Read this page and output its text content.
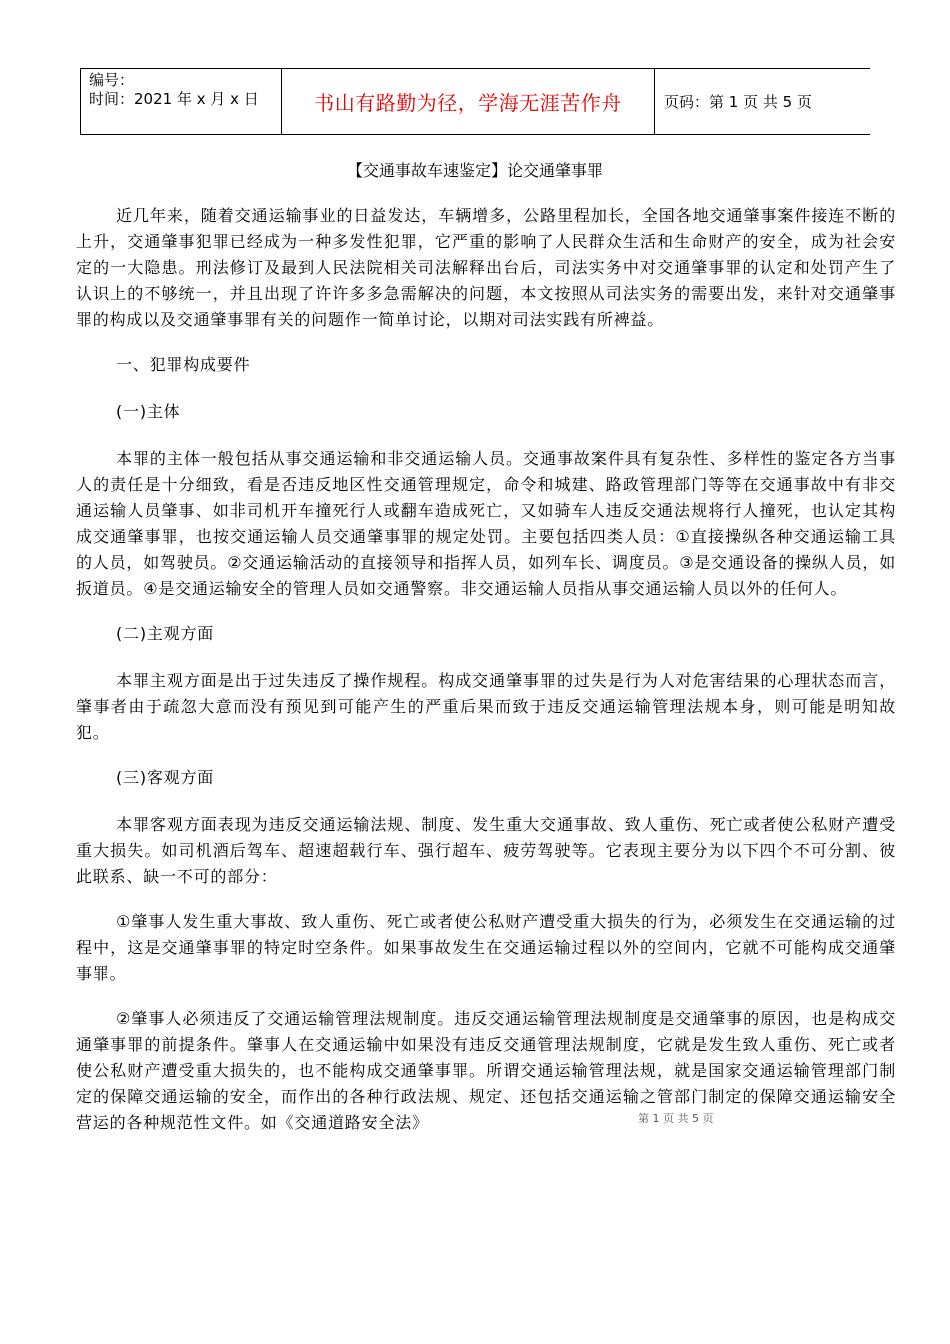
编号：
时间：2021 年 x 月 x 日	书山有路勤为径，学海无涯苦作舟	页码：第 1 页 共 5 页
【交通事故车速鉴定】论交通肇事罪

近几年来，随着交通运输事业的日益发达，车辆增多，公路里程加长，全国各地交通肇事案件接连不断的上升，交通肇事犯罪已经成为一种多发性犯罪，它严重的影响了人民群众生活和生命财产的安全，成为社会安定的一大隐患。刑法修订及最到人民法院相关司法解释出台后，司法实务中对交通肇事罪的认定和处罚产生了认识上的不够统一，并且出现了许许多多急需解决的问题，本文按照从司法实务的需要出发，来针对交通肇事罪的构成以及交通肇事罪有关的问题作一简单讨论，以期对司法实践有所裨益。

一、犯罪构成要件

(一)主体

本罪的主体一般包括从事交通运输和非交通运输人员。交通事故案件具有复杂性、多样性的鉴定各方当事人的责任是十分细致，看是否违反地区性交通管理规定，命令和城建、路政管理部门等等在交通事故中有非交通运输人员肇事、如非司机开车撞死行人或翻车造成死亡，又如骑车人违反交通法规将行人撞死，也认定其构成交通肇事罪，也按交通运输人员交通肇事罪的规定处罚。主要包括四类人员：①直接操纵各种交通运输工具的人员，如驾驶员。②交通运输活动的直接领导和指挥人员，如列车长、调度员。③是交通设备的操纵人员，如扳道员。④是交通运输安全的管理人员如交通警察。非交通运输人员指从事交通运输人员以外的任何人。

(二)主观方面

本罪主观方面是出于过失违反了操作规程。构成交通肇事罪的过失是行为人对危害结果的心理状态而言，肇事者由于疏忽大意而没有预见到可能产生的严重后果而致于违反交通运输管理法规本身，则可能是明知故犯。

(三)客观方面

本罪客观方面表现为违反交通运输法规、制度、发生重大交通事故、致人重伤、死亡或者使公私财产遭受重大损失。如司机酒后驾车、超速超载行车、强行超车、疲劳驾驶等。它表现主要分为以下四个不可分割、彼此联系、缺一不可的部分：

①肇事人发生重大事故、致人重伤、死亡或者使公私财产遭受重大损失的行为，必须发生在交通运输的过程中，这是交通肇事罪的特定时空条件。如果事故发生在交通运输过程以外的空间内，它就不可能构成交通肇事罪。

②肇事人必须违反了交通运输管理法规制度。违反交通运输管理法规制度是交通肇事的原因，也是构成交通肇事罪的前提条件。肇事人在交通运输中如果没有违反交通管理法规制度，它就是发生致人重伤、死亡或者使公私财产遭受重大损失的，也不能构成交通肇事罪。所谓交通运输管理法规，就是国家交通运输管理部门制定的保障交通运输的安全，而作出的各种行政法规、规定、还包括交通运输之管部门制定的保障交通运输安全营运的各种规范性文件。如《交通道路安全法》	第 1 页 共 5 页
